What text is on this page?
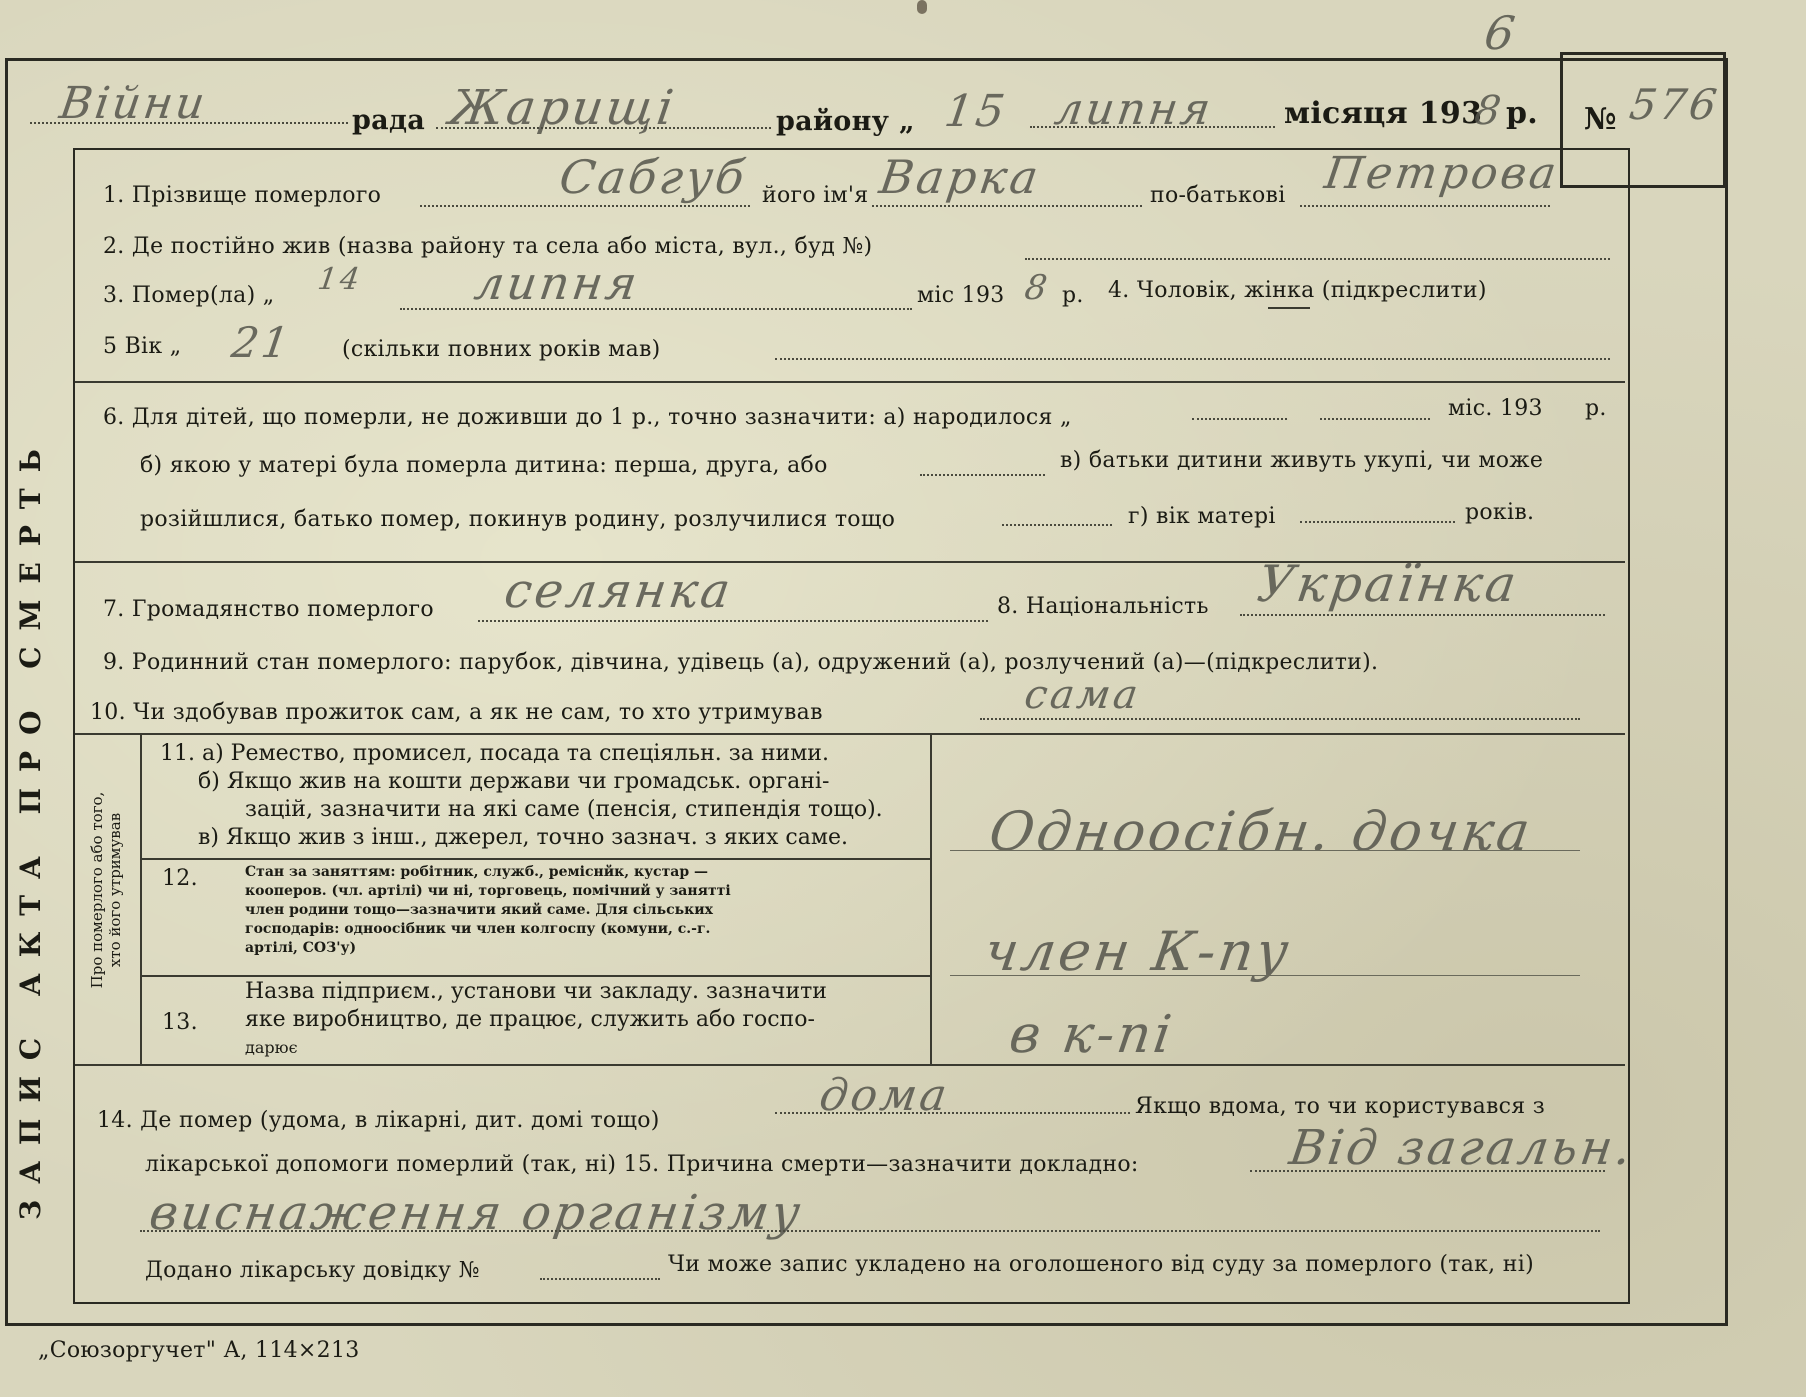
6
ЗАПИС АКТА ПРО СМЕРТЬ
Війни	рада Жарищі	району „ 15 липня місяця 193
8 р. № 576
1. Прізвище померлого	Сабгуб його ім'я Варка	по-батькові Петрова
2. Де постійно жив (назва району та села або міста, вул., буд №)
3. Помер(ла) „ 14 липня	міс 193 8 р. 4. Чоловік, жінка (підкреслити)
5 Вік „ 21 (скільки повних років мав)
6. Для дітей, що померли, не доживши до 1 р., точно зазначити: а) народилося „	міс. 193 р.
б) якою у матері була померла дитина: перша, друга, або	в) батьки дитини живуть укупі, чи може
розійшлися, батько помер, покинув родину, розлучилися тощо	г) вік матері	років.
7. Громадянство померлого селянка	8. Національність Українка
9. Родинний стан померлого: парубок, дівчина, удівець (а), одружений (а), розлучений (а)—(підкреслити).
10. Чи здобував прожиток сам, а як не сам, то хто утримував	сама
Про померлого або того, хто його утримував
11. а) Ремество, промисел, посада та спеціяльн. за ними.
б) Якщо жив на кошти держави чи громадськ. органі-
зацій, зазначити на які саме (пенсія, стипендія тощо).
в) Якщо жив з інш., джерел, точно зазнач. з яких саме.
12.	Стан за заняттям: робітник, служб., реміснйк, кустар —
кооперов. (чл. артілі) чи ні, торговець, помічний у занятті
член родини тощо—зазначити який саме. Для сільських
господарів: одноосібник чи член колгоспу (комуни, с.-г.
артілі, СОЗ'у)
13.
Назва підприєм., установи чи закладу. зазначити
яке виробництво, де працює, служить або госпо-
дарює
Одноосібн. дочка
член К-пу
в к-пі
14. Де помер (удома, в лікарні, дит. домі тощо)	дома	Якщо вдома, то чи користувався з
лікарської допомоги померлий (так, ні) 15. Причина смерти—зазначити докладно:	Від загальн.
виснаження організму
Додано лікарську довідку №	Чи може запис укладено на оголошеного від суду за померлого (так, ні)
„Союзоргучет" А, 114×213
